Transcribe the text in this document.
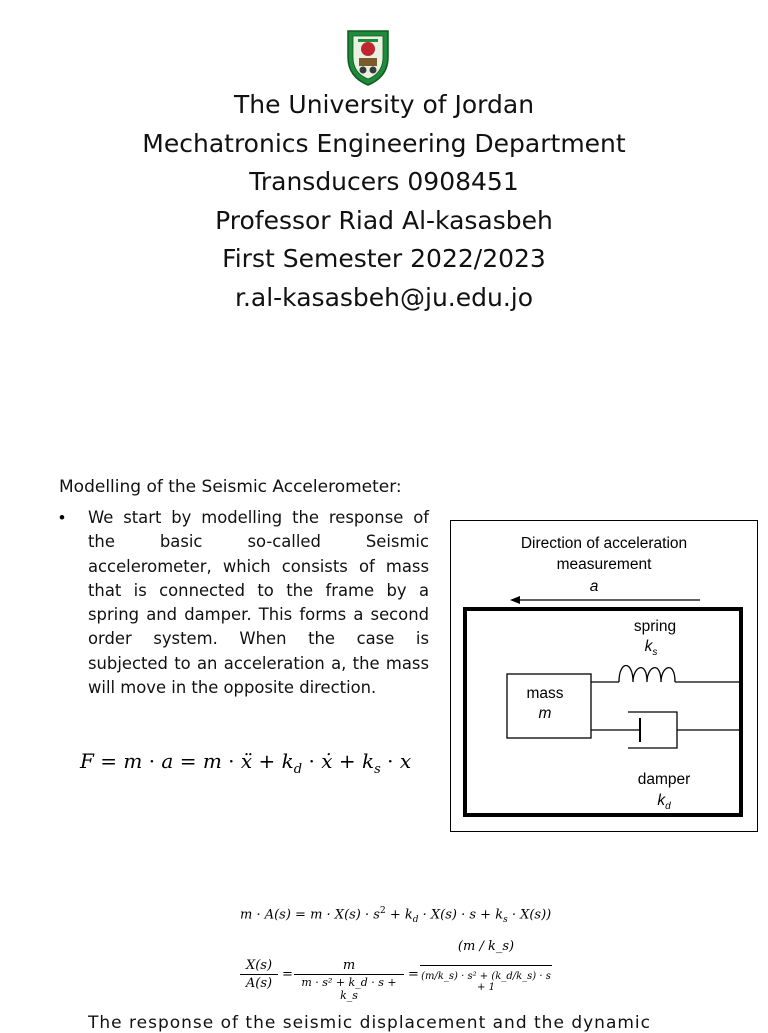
The University of Jordan
Mechatronics Engineering Department
Transducers 0908451
Professor Riad Al-kasasbeh
First Semester 2022/2023
r.al-kasasbeh@ju.edu.jo
Modelling of the Seismic Accelerometer:
• We start by modelling the response of the basic so-called Seismic accelerometer, which consists of mass that is connected to the frame by a spring and damper. This forms a second order system. When the case is subjected to an acceleration a, the mass will move in the opposite direction.
F = m · a = m · ẍ + $k_d$ · ẋ + $k_s \cdot x$
Direction of acceleration
measurement
a
mass
m
spring
$k_s$
damper
$k_d$
$m \cdot A(s) = m \cdot X(s) \cdot s^2 + k_d \cdot X(s) \cdot s + k_s \cdot X(s)$)
X(s)
A(s)
=
m
m · s² + k_d · s + k_s
=
(m / k_s)
(m/k_s) · s² + (k_d/k_s) · s + 1
The response of the seismic displacement and the dynamic
